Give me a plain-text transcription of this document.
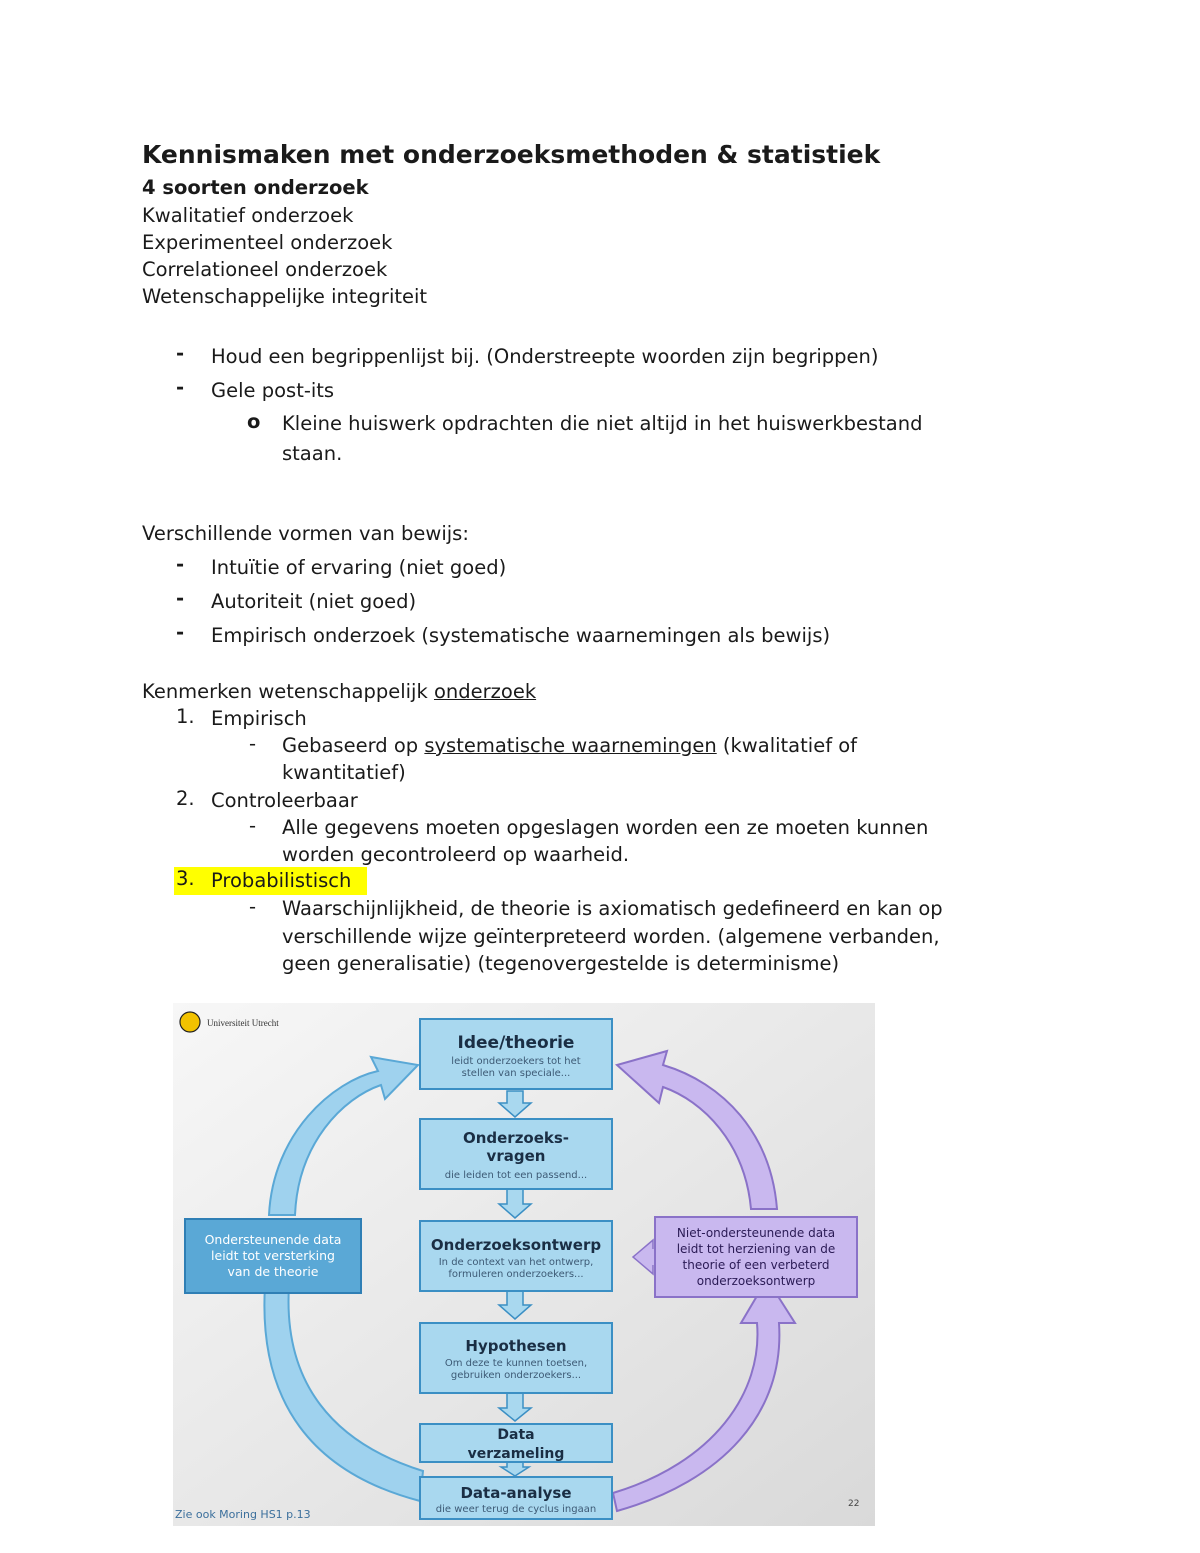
Kennismaken met onderzoeksmethoden & statistiek
4 soorten onderzoek
Kwalitatief onderzoek
Experimenteel onderzoek
Correlationeel onderzoek
Wetenschappelijke integriteit
- Houd een begrippenlijst bij. (Onderstreepte woorden zijn begrippen)
- Gele post-its
o Kleine huiswerk opdrachten die niet altijd in het huiswerkbestand
staan.
Verschillende vormen van bewijs:
- Intuïtie of ervaring (niet goed)
- Autoriteit (niet goed)
- Empirisch onderzoek (systematische waarnemingen als bewijs)
Kenmerken wetenschappelijk onderzoek
1. Empirisch
- Gebaseerd op systematische waarnemingen (kwalitatief of
kwantitatief)
2. Controleerbaar
- Alle gegevens moeten opgeslagen worden een ze moeten kunnen
worden gecontroleerd op waarheid.
3. Probabilistisch
- Waarschijnlijkheid, de theorie is axiomatisch gedefineerd en kan op
verschillende wijze geïnterpreteerd worden. (algemene verbanden,
geen generalisatie) (tegenovergestelde is determinisme)
Universiteit Utrecht
Idee/theorie
leidt onderzoekers tot het
stellen van speciale...
Onderzoeks-
vragen
die leiden tot een passend...
Onderzoeksontwerp
In de context van het ontwerp,
formuleren onderzoekers...
Hypothesen
Om deze te kunnen toetsen,
gebruiken onderzoekers...
Data
verzameling
Data-analyse
die weer terug de cyclus ingaan
Ondersteunende data
leidt tot versterking
van de theorie
Niet-ondersteunende data
leidt tot herziening van de
theorie of een verbeterd
onderzoeksontwerp
Zie ook Moring HS1 p.13
22
